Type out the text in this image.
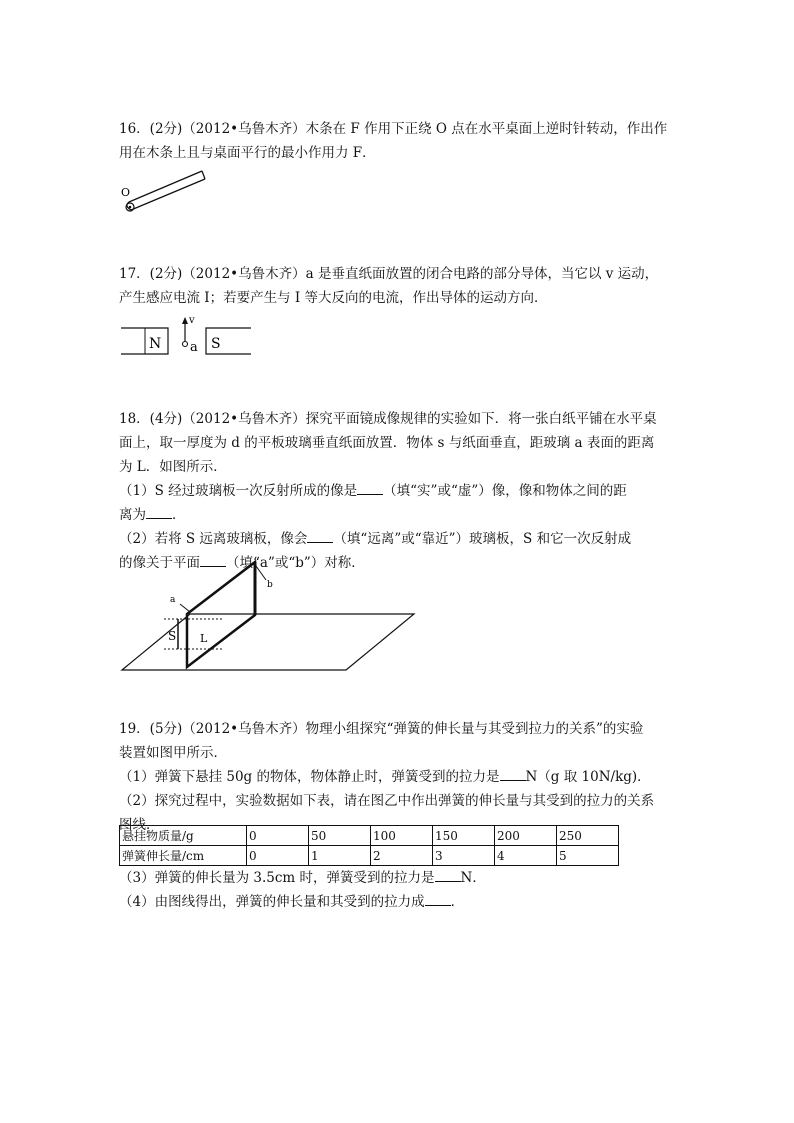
16．(2分)（2012•乌鲁木齐）木条在 F 作用下正绕 O 点在水平桌面上逆时针转动，作出作
用在木条上且与桌面平行的最小作用力 F．
O
17．(2分)（2012•乌鲁木齐）a 是垂直纸面放置的闭合电路的部分导体，当它以 v 运动，
产生感应电流 I；若要产生与 I 等大反向的电流，作出导体的运动方向．
N	S
v
a
18．(4分)（2012•乌鲁木齐）探究平面镜成像规律的实验如下．将一张白纸平铺在水平桌
面上，取一厚度为 d 的平板玻璃垂直纸面放置．物体 s 与纸面垂直，距玻璃 a 表面的距离
为 L．如图所示．
（1）S 经过玻璃板一次反射所成的像是 （填“实”或“虚”）像，像和物体之间的距
离为 ．
（2）若将 S 远离玻璃板，像会 （填“远离”或“靠近”）玻璃板，S 和它一次反射成
的像关于平面 （填“a”或“b”）对称．
a
b
S L
19．(5分)（2012•乌鲁木齐）物理小组探究“弹簧的伸长量与其受到拉力的关系”的实验
装置如图甲所示．
（1）弹簧下悬挂 50g 的物体，物体静止时，弹簧受到的拉力是 N（g 取 10N/kg)．
（2）探究过程中，实验数据如下表，请在图乙中作出弹簧的伸长量与其受到的拉力的关系
图线．
悬挂物质量/g	0	50	100	150	200	250
弹簧伸长量/cm	0	1	2	3	4	5
（3）弹簧的伸长量为 3.5cm 时，弹簧受到的拉力是 N．
（4）由图线得出，弹簧的伸长量和其受到的拉力成 ．
